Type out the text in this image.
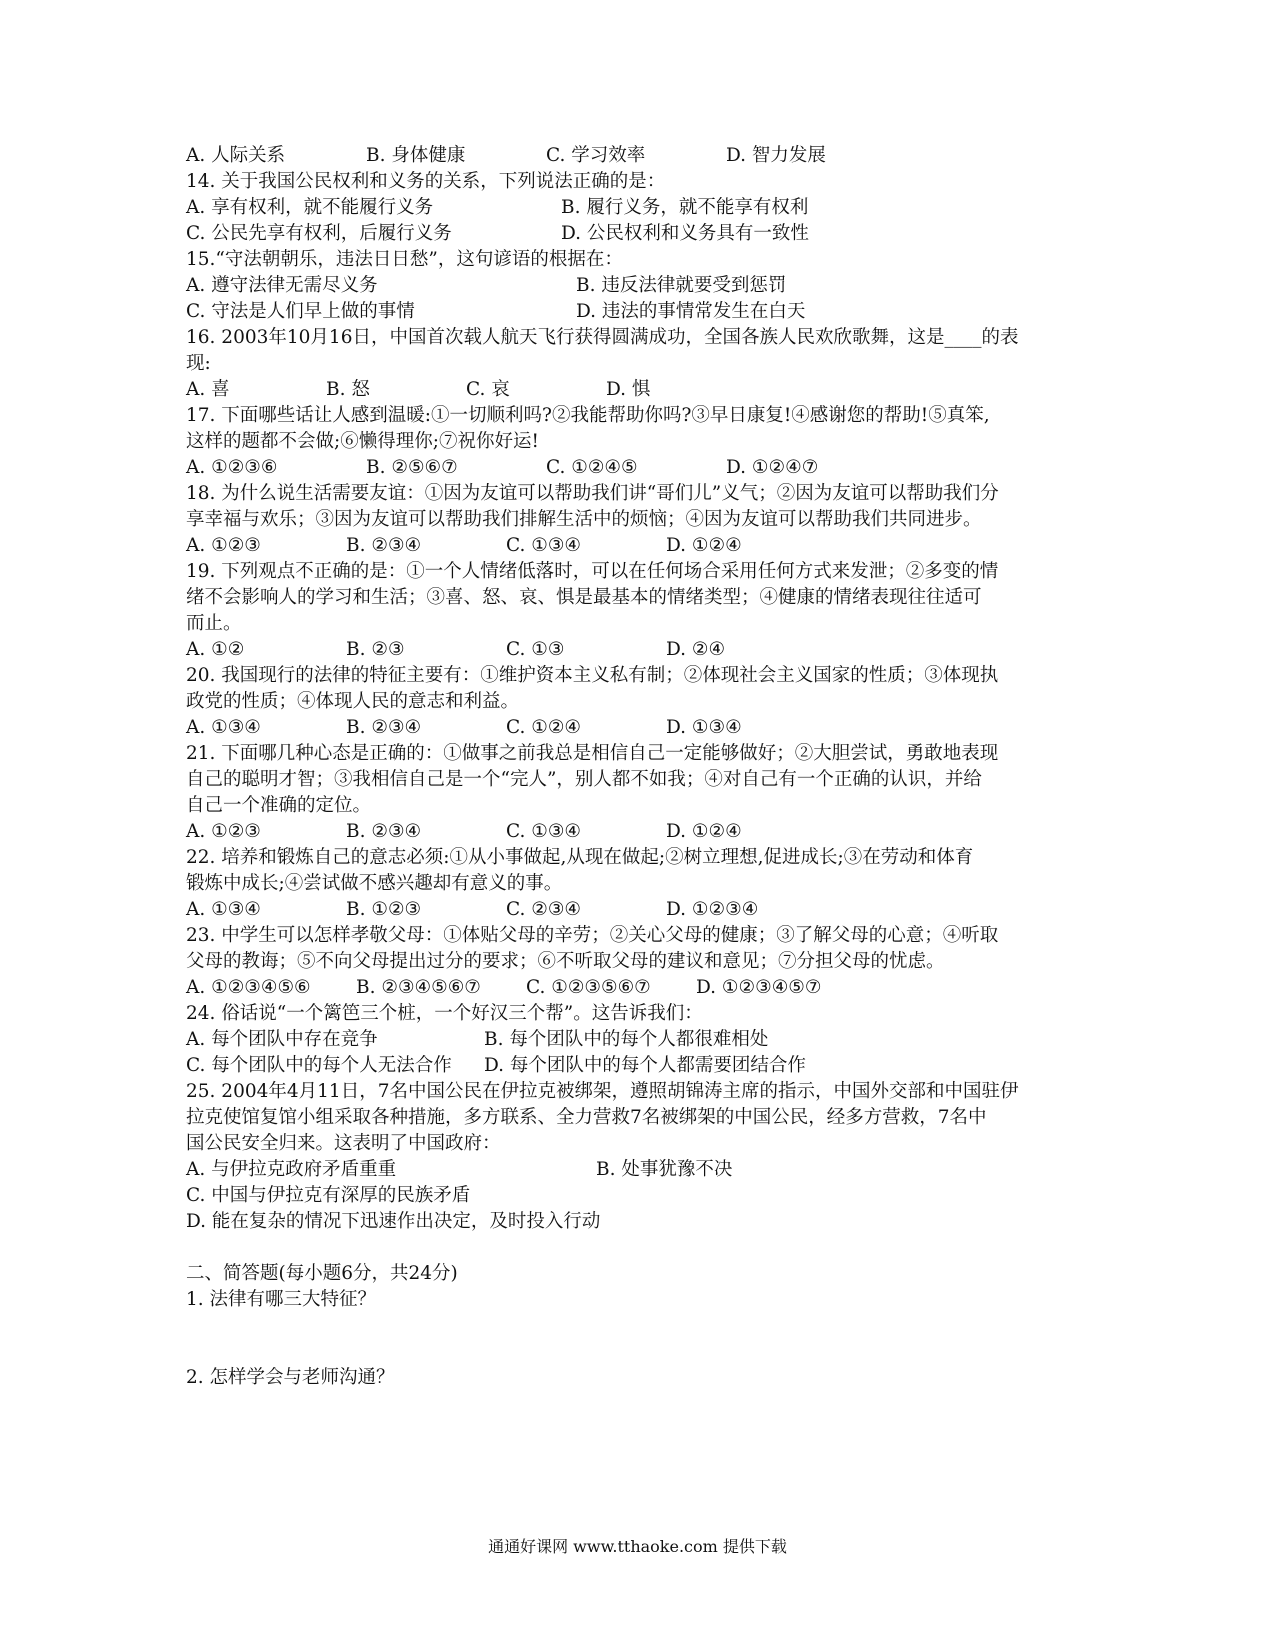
A. 人际关系	B. 身体健康	C. 学习效率	D. 智力发展
14. 关于我国公民权利和义务的关系，下列说法正确的是：
A. 享有权利，就不能履行义务	B. 履行义务，就不能享有权利
C. 公民先享有权利，后履行义务	D. 公民权利和义务具有一致性
15.“守法朝朝乐，违法日日愁”，这句谚语的根据在：
A. 遵守法律无需尽义务	B. 违反法律就要受到惩罚
C. 守法是人们早上做的事情	D. 违法的事情常发生在白天
16. 2003年10月16日，中国首次载人航天飞行获得圆满成功，全国各族人民欢欣歌舞，这是____的表
现:
A. 喜	B. 怒	C. 哀	D. 惧
17. 下面哪些话让人感到温暖:①一切顺利吗?②我能帮助你吗?③早日康复!④感谢您的帮助!⑤真笨,
这样的题都不会做;⑥懒得理你;⑦祝你好运!
A. ①②③⑥	B. ②⑤⑥⑦	C. ①②④⑤	D. ①②④⑦
18. 为什么说生活需要友谊：①因为友谊可以帮助我们讲“哥们儿”义气；②因为友谊可以帮助我们分
享幸福与欢乐；③因为友谊可以帮助我们排解生活中的烦恼；④因为友谊可以帮助我们共同进步。
A. ①②③	B. ②③④	C. ①③④	D. ①②④
19. 下列观点不正确的是：①一个人情绪低落时，可以在任何场合采用任何方式来发泄；②多变的情
绪不会影响人的学习和生活；③喜、怒、哀、惧是最基本的情绪类型；④健康的情绪表现往往适可
而止。
A. ①②	B. ②③	C. ①③	D. ②④
20. 我国现行的法律的特征主要有：①维护资本主义私有制；②体现社会主义国家的性质；③体现执
政党的性质；④体现人民的意志和利益。
A. ①③④	B. ②③④	C. ①②④	D. ①③④
21. 下面哪几种心态是正确的：①做事之前我总是相信自己一定能够做好；②大胆尝试，勇敢地表现
自己的聪明才智；③我相信自己是一个“完人”，别人都不如我；④对自己有一个正确的认识，并给
自己一个准确的定位。
A. ①②③	B. ②③④	C. ①③④	D. ①②④
22. 培养和锻炼自己的意志必须:①从小事做起,从现在做起;②树立理想,促进成长;③在劳动和体育
锻炼中成长;④尝试做不感兴趣却有意义的事。
A. ①③④	B. ①②③	C. ②③④	D. ①②③④
23. 中学生可以怎样孝敬父母：①体贴父母的辛劳；②关心父母的健康；③了解父母的心意；④听取
父母的教诲；⑤不向父母提出过分的要求；⑥不听取父母的建议和意见；⑦分担父母的忧虑。
A. ①②③④⑤⑥ B. ②③④⑤⑥⑦ C. ①②③⑤⑥⑦ D. ①②③④⑤⑦
24. 俗话说“一个篱笆三个桩，一个好汉三个帮”。这告诉我们：
A. 每个团队中存在竞争	B. 每个团队中的每个人都很难相处
C. 每个团队中的每个人无法合作 D. 每个团队中的每个人都需要团结合作
25. 2004年4月11日，7名中国公民在伊拉克被绑架，遵照胡锦涛主席的指示，中国外交部和中国驻伊
拉克使馆复馆小组采取各种措施，多方联系、全力营救7名被绑架的中国公民，经多方营救，7名中
国公民安全归来。这表明了中国政府：
A. 与伊拉克政府矛盾重重	B. 处事犹豫不决
C. 中国与伊拉克有深厚的民族矛盾
D. 能在复杂的情况下迅速作出决定，及时投入行动
二、简答题(每小题6分，共24分)
1. 法律有哪三大特征？
2. 怎样学会与老师沟通？
通通好课网 www.tthaoke.com 提供下载
